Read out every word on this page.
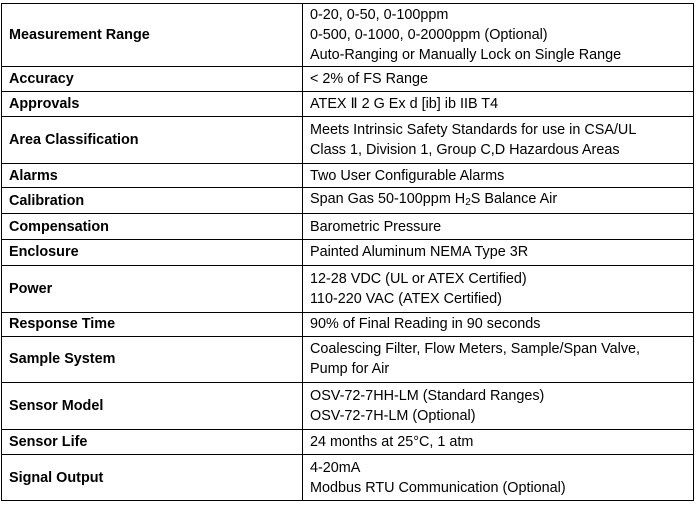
Measurement Range	0-20, 0-50, 0-100ppm
0-500, 0-1000, 0-2000ppm (Optional)
Auto-Ranging or Manually Lock on Single Range

Accuracy	< 2% of FS Range

Approvals	ATEX Ⅱ 2 G Ex d [ib] ib IIB T4

Area Classification	Meets Intrinsic Safety Standards for use in CSA/UL
Class 1, Division 1, Group C,D Hazardous Areas

Alarms	Two User Configurable Alarms

Calibration	Span Gas 50-100ppm $H_2S$ Balance Air

Compensation	Barometric Pressure

Enclosure	Painted Aluminum NEMA Type 3R

Power	12-28 VDC (UL or ATEX Certified)
110-220 VAC (ATEX Certified)

Response Time	90% of Final Reading in 90 seconds

Sample System	Coalescing Filter, Flow Meters, Sample/Span Valve,
Pump for Air

Sensor Model	OSV-72-7HH-LM (Standard Ranges)
OSV-72-7H-LM (Optional)

Sensor Life	24 months at 25°C, 1 atm

Signal Output	4-20mA
Modbus RTU Communication (Optional)
